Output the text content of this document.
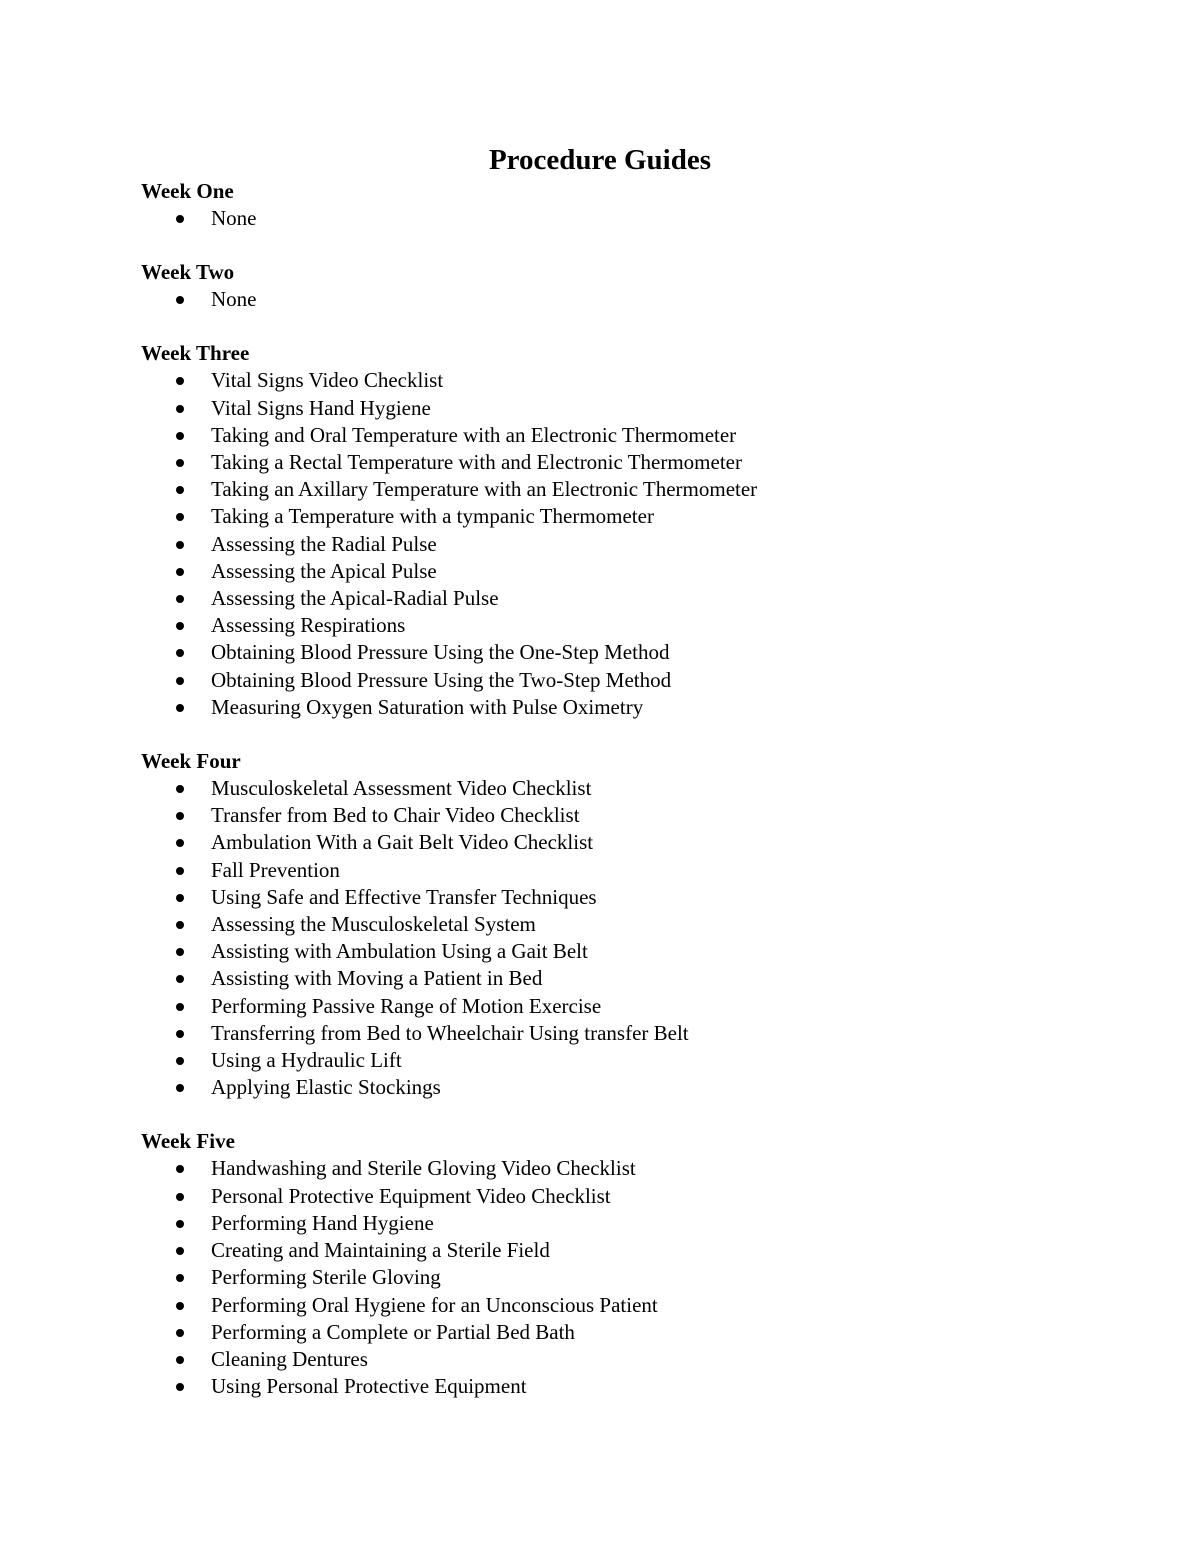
Procedure Guides
Week One
None
Week Two
None
Week Three
Vital Signs Video Checklist
Vital Signs Hand Hygiene
Taking and Oral Temperature with an Electronic Thermometer
Taking a Rectal Temperature with and Electronic Thermometer
Taking an Axillary Temperature with an Electronic Thermometer
Taking a Temperature with a tympanic Thermometer
Assessing the Radial Pulse
Assessing the Apical Pulse
Assessing the Apical-Radial Pulse
Assessing Respirations
Obtaining Blood Pressure Using the One-Step Method
Obtaining Blood Pressure Using the Two-Step Method
Measuring Oxygen Saturation with Pulse Oximetry
Week Four
Musculoskeletal Assessment Video Checklist
Transfer from Bed to Chair Video Checklist
Ambulation With a Gait Belt Video Checklist
Fall Prevention
Using Safe and Effective Transfer Techniques
Assessing the Musculoskeletal System
Assisting with Ambulation Using a Gait Belt
Assisting with Moving a Patient in Bed
Performing Passive Range of Motion Exercise
Transferring from Bed to Wheelchair Using transfer Belt
Using a Hydraulic Lift
Applying Elastic Stockings
Week Five
Handwashing and Sterile Gloving Video Checklist
Personal Protective Equipment Video Checklist
Performing Hand Hygiene
Creating and Maintaining a Sterile Field
Performing Sterile Gloving
Performing Oral Hygiene for an Unconscious Patient
Performing a Complete or Partial Bed Bath
Cleaning Dentures
Using Personal Protective Equipment
